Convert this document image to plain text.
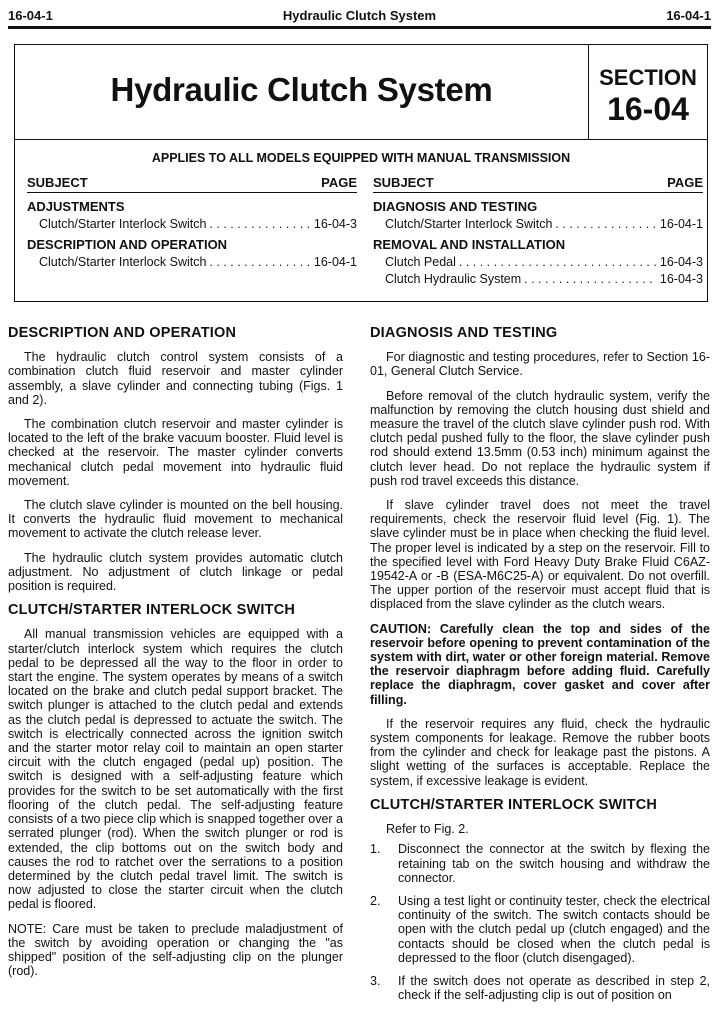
16-04-1	Hydraulic Clutch System	16-04-1
Hydraulic Clutch System	SECTION
16-04
APPLIES TO ALL MODELS EQUIPPED WITH MANUAL TRANSMISSION
SUBJECT	PAGE
ADJUSTMENTS
Clutch/Starter Interlock Switch . . .	16-04-3
DESCRIPTION AND OPERATION
Clutch/Starter Interlock Switch . . .	16-04-1
SUBJECT	PAGE
DIAGNOSIS AND TESTING
Clutch/Starter Interlock Switch . . .	16-04-1
REMOVAL AND INSTALLATION
Clutch Pedal . . .	16-04-3
Clutch Hydraulic System . . .	16-04-3
DESCRIPTION AND OPERATION

The hydraulic clutch control system consists of a combination clutch fluid reservoir and master cylinder assembly, a slave cylinder and connecting tubing (Figs. 1 and 2).

The combination clutch reservoir and master cylinder is located to the left of the brake vacuum booster. Fluid level is checked at the reservoir. The master cylinder converts mechanical clutch pedal movement into hydraulic fluid movement.

The clutch slave cylinder is mounted on the bell housing. It converts the hydraulic fluid movement to mechanical movement to activate the clutch release lever.

The hydraulic clutch system provides automatic clutch adjustment. No adjustment of clutch linkage or pedal position is required.

CLUTCH/STARTER INTERLOCK SWITCH

All manual transmission vehicles are equipped with a starter/clutch interlock system which requires the clutch pedal to be depressed all the way to the floor in order to start the engine. The system operates by means of a switch located on the brake and clutch pedal support bracket. The switch plunger is attached to the clutch pedal and extends as the clutch pedal is depressed to actuate the switch. The switch is electrically connected across the ignition switch and the starter motor relay coil to maintain an open starter circuit with the clutch engaged (pedal up) position. The switch is designed with a self-adjusting feature which provides for the switch to be set automatically with the first flooring of the clutch pedal. The self-adjusting feature consists of a two piece clip which is snapped together over a serrated plunger (rod). When the switch plunger or rod is extended, the clip bottoms out on the switch body and causes the rod to ratchet over the serrations to a position determined by the clutch pedal travel limit. The switch is now adjusted to close the starter circuit when the clutch pedal is floored.

NOTE: Care must be taken to preclude maladjustment of the switch by avoiding operation or changing the "as shipped" position of the self-adjusting clip on the plunger (rod).

DIAGNOSIS AND TESTING

For diagnostic and testing procedures, refer to Section 16-01, General Clutch Service.

Before removal of the clutch hydraulic system, verify the malfunction by removing the clutch housing dust shield and measure the travel of the clutch slave cylinder push rod. With clutch pedal pushed fully to the floor, the slave cylinder push rod should extend 13.5mm (0.53 inch) minimum against the clutch lever head. Do not replace the hydraulic system if push rod travel exceeds this distance.

If slave cylinder travel does not meet the travel requirements, check the reservoir fluid level (Fig. 1). The slave cylinder must be in place when checking the fluid level. The proper level is indicated by a step on the reservoir. Fill to the specified level with Ford Heavy Duty Brake Fluid C6AZ-19542-A or -B (ESA-M6C25-A) or equivalent. Do not overfill. The upper portion of the reservoir must accept fluid that is displaced from the slave cylinder as the clutch wears.

CAUTION: Carefully clean the top and sides of the reservoir before opening to prevent contamination of the system with dirt, water or other foreign material. Remove the reservoir diaphragm before adding fluid. Carefully replace the diaphragm, cover gasket and cover after filling.

If the reservoir requires any fluid, check the hydraulic system components for leakage. Remove the rubber boots from the cylinder and check for leakage past the pistons. A slight wetting of the surfaces is acceptable. Replace the system, if excessive leakage is evident.

CLUTCH/STARTER INTERLOCK SWITCH

Refer to Fig. 2.

1.	Disconnect the connector at the switch by flexing the retaining tab on the switch housing and withdraw the connector.
2.	Using a test light or continuity tester, check the electrical continuity of the switch. The switch contacts should be open with the clutch pedal up (clutch engaged) and the contacts should be closed when the clutch pedal is depressed to the floor (clutch disengaged).
3.	If the switch does not operate as described in step 2, check if the self-adjusting clip is out of position on
